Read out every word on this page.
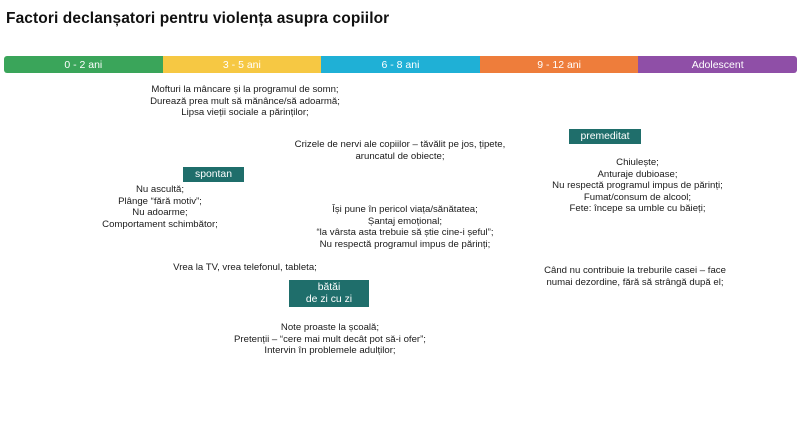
Factori declanșatori pentru violența asupra copiilor
0 - 2 ani	3 - 5 ani	6 - 8 ani	9 - 12 ani	Adolescent
Mofturi la mâncare și la programul de somn;
Durează prea mult să mănânce/să adoarmă;
Lipsa vieții sociale a părinților;
premeditat
Crizele de nervi ale copiilor – tăvălit pe jos, țipete,
aruncatul de obiecte;
Chiulește;
Anturaje dubioase;
Nu respectă programul impus de părinți;
Fumat/consum de alcool;
Fete: începe sa umble cu băieți;
spontan
Nu ascultă;
Plânge “fără motiv”;
Nu adoarme;
Comportament schimbător;
Își pune în pericol viața/sănătatea;
Șantaj emoțional;
“la vârsta asta trebuie să știe cine-i șeful”;
Nu respectă programul impus de părinți;
Vrea la TV, vrea telefonul, tableta;	Când nu contribuie la treburile casei – face
numai dezordine, fără să strângă după el;
bătăi
de zi cu zi
Note proaste la școală;
Pretenții – “cere mai mult decât pot să-i ofer”;
Intervin în problemele adulților;
